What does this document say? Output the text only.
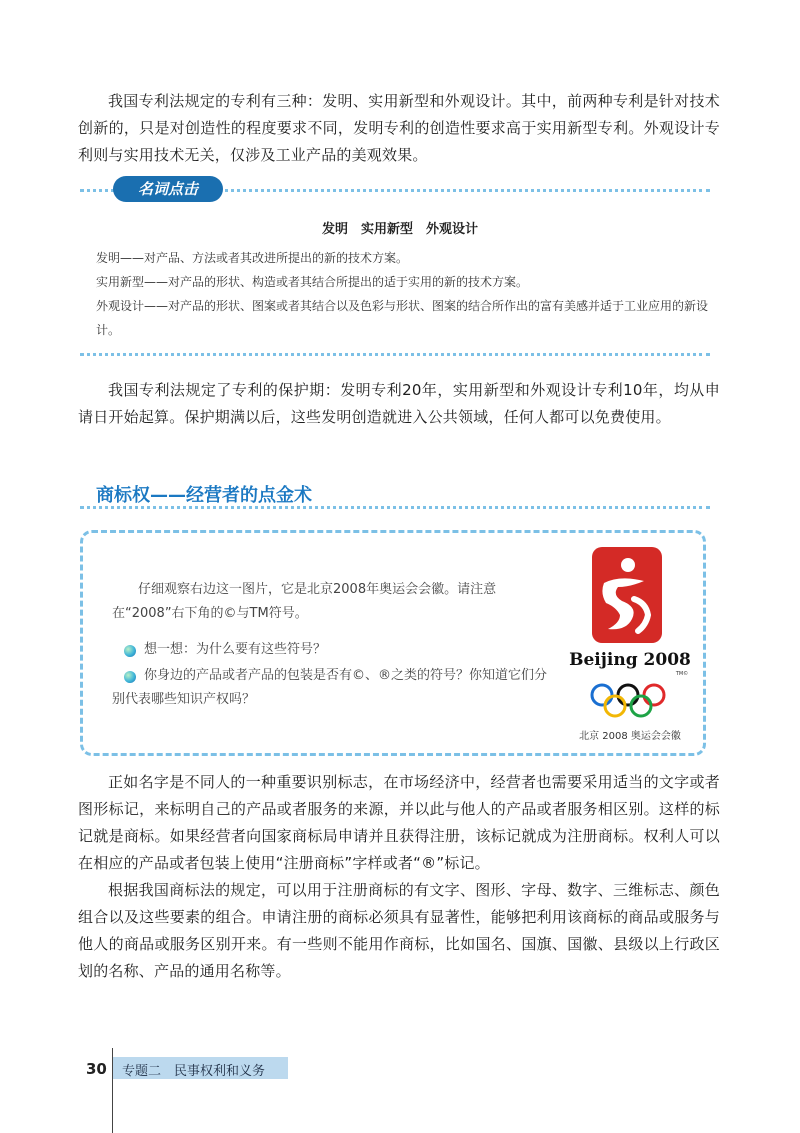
我国专利法规定的专利有三种：发明、实用新型和外观设计。其中，前两种专利是针对技术创新的，只是对创造性的程度要求不同，发明专利的创造性要求高于实用新型专利。外观设计专利则与实用技术无关，仅涉及工业产品的美观效果。

名词点击
发明　实用新型　外观设计

发明——对产品、方法或者其改进所提出的新的技术方案。

实用新型——对产品的形状、构造或者其结合所提出的适于实用的新的技术方案。

外观设计——对产品的形状、图案或者其结合以及色彩与形状、图案的结合所作出的富有美感并适于工业应用的新设计。

我国专利法规定了专利的保护期：发明专利20年，实用新型和外观设计专利10年，均从申请日开始起算。保护期满以后，这些发明创造就进入公共领域，任何人都可以免费使用。

商标权——经营者的点金术

仔细观察右边这一图片，它是北京2008年奥运会会徽。请注意在“2008”右下角的©与TM符号。

想一想：为什么要有这些符号？

你身边的产品或者产品的包装是否有©、®之类的符号？你知道它们分别代表哪些知识产权吗？

Beijing 2008
TM©
北京 2008 奥运会会徽

正如名字是不同人的一种重要识别标志，在市场经济中，经营者也需要采用适当的文字或者图形标记，来标明自己的产品或者服务的来源，并以此与他人的产品或者服务相区别。这样的标记就是商标。如果经营者向国家商标局申请并且获得注册，该标记就成为注册商标。权利人可以在相应的产品或者包装上使用“注册商标”字样或者“®”标记。

根据我国商标法的规定，可以用于注册商标的有文字、图形、字母、数字、三维标志、颜色组合以及这些要素的组合。申请注册的商标必须具有显著性，能够把利用该商标的商品或服务与他人的商品或服务区别开来。有一些则不能用作商标，比如国名、国旗、国徽、县级以上行政区划的名称、产品的通用名称等。

30 专题二　民事权利和义务
